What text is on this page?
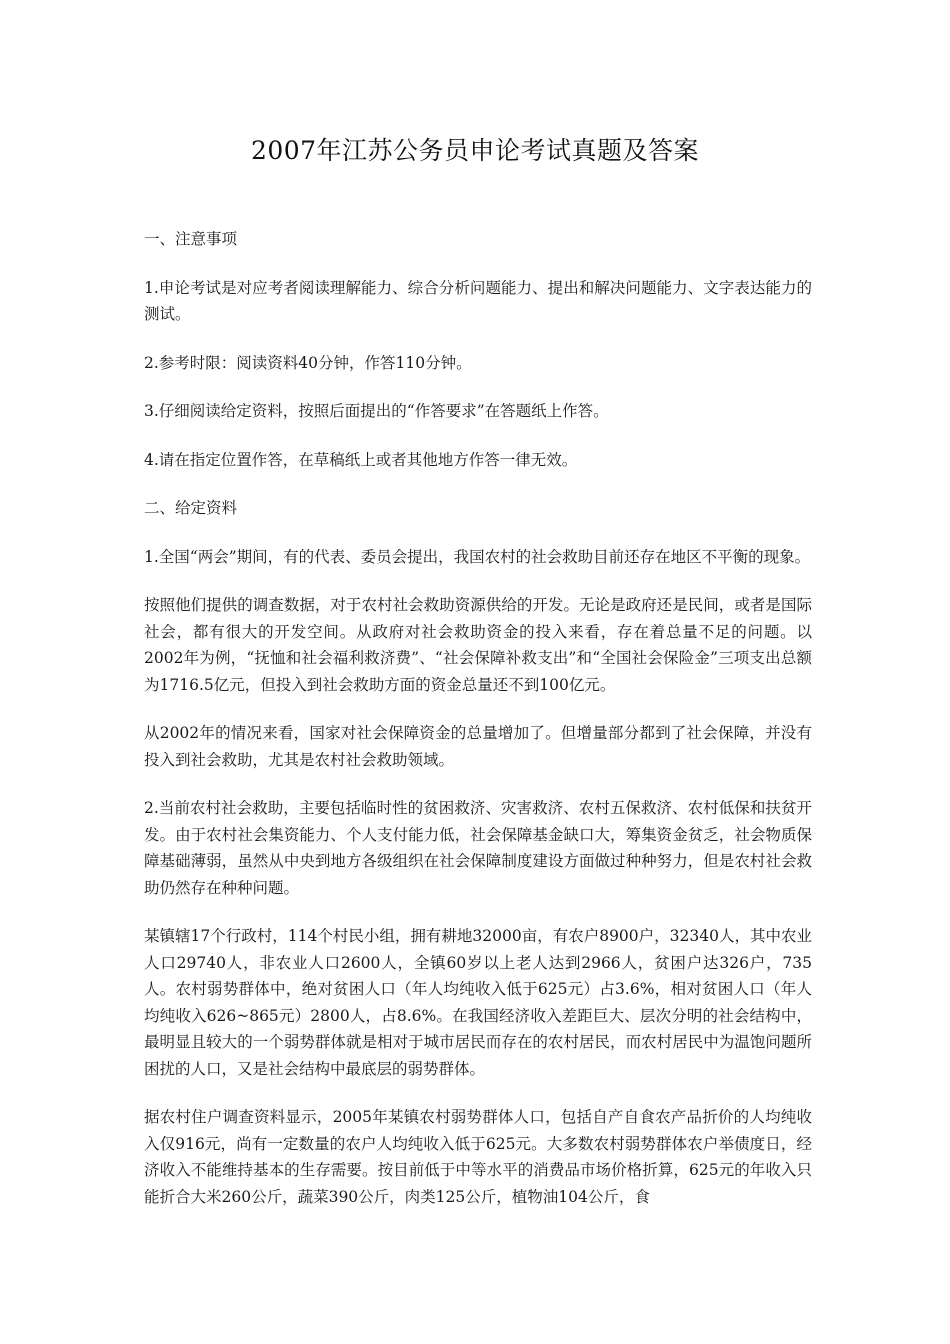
2007年江苏公务员申论考试真题及答案

一、注意事项

1.申论考试是对应考者阅读理解能力、综合分析问题能力、提出和解决问题能力、文字表达能力的测试。

2.参考时限：阅读资料40分钟，作答110分钟。

3.仔细阅读给定资料，按照后面提出的“作答要求”在答题纸上作答。

4.请在指定位置作答，在草稿纸上或者其他地方作答一律无效。

二、给定资料

1.全国“两会”期间，有的代表、委员会提出，我国农村的社会救助目前还存在地区不平衡的现象。

按照他们提供的调查数据，对于农村社会救助资源供给的开发。无论是政府还是民间，或者是国际社会，都有很大的开发空间。从政府对社会救助资金的投入来看，存在着总量不足的问题。以2002年为例，“抚恤和社会福利救济费”、“社会保障补救支出”和“全国社会保险金”三项支出总额为1716.5亿元，但投入到社会救助方面的资金总量还不到100亿元。

从2002年的情况来看，国家对社会保障资金的总量增加了。但增量部分都到了社会保障，并没有投入到社会救助，尤其是农村社会救助领域。

2.当前农村社会救助，主要包括临时性的贫困救济、灾害救济、农村五保救济、农村低保和扶贫开发。由于农村社会集资能力、个人支付能力低，社会保障基金缺口大，筹集资金贫乏，社会物质保障基础薄弱，虽然从中央到地方各级组织在社会保障制度建设方面做过种种努力，但是农村社会救助仍然存在种种问题。

某镇辖17个行政村，114个村民小组，拥有耕地32000亩，有农户8900户，32340人，其中农业人口29740人，非农业人口2600人，全镇60岁以上老人达到2966人，贫困户达326户，735人。农村弱势群体中，绝对贫困人口（年人均纯收入低于625元）占3.6%，相对贫困人口（年人均纯收入626~865元）2800人，占8.6%。在我国经济收入差距巨大、层次分明的社会结构中，最明显且较大的一个弱势群体就是相对于城市居民而存在的农村居民，而农村居民中为温饱问题所困扰的人口，又是社会结构中最底层的弱势群体。

据农村住户调查资料显示，2005年某镇农村弱势群体人口，包括自产自食农产品折价的人均纯收入仅916元，尚有一定数量的农户人均纯收入低于625元。大多数农村弱势群体农户举债度日，经济收入不能维持基本的生存需要。按目前低于中等水平的消费品市场价格折算，625元的年收入只能折合大米260公斤，蔬菜390公斤，肉类125公斤，植物油104公斤，食
